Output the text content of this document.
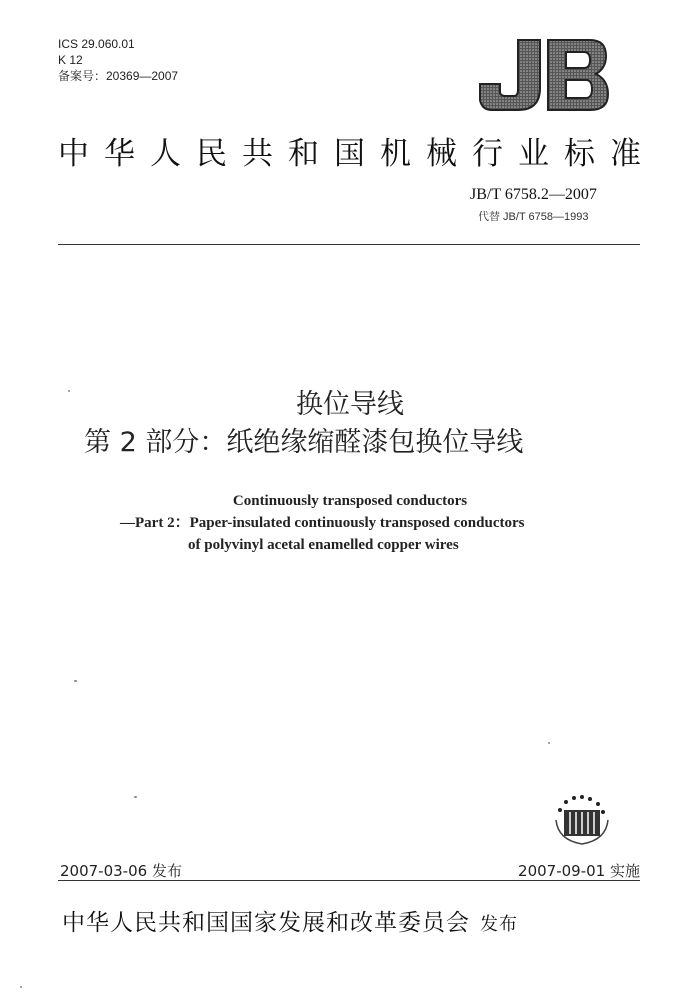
ICS 29.060.01
K 12
备案号：20369—2007
中华人民共和国机械行业标准
JB/T 6758.2—2007
代替 JB/T 6758—1993
换位导线
第 2 部分：纸绝缘缩醛漆包换位导线
Continuously transposed conductors
—Part 2：Paper-insulated continuously transposed conductors
of polyvinyl acetal enamelled copper wires
2007-03-06 发布	2007-09-01 实施
中华人民共和国国家发展和改革委员会 发布
